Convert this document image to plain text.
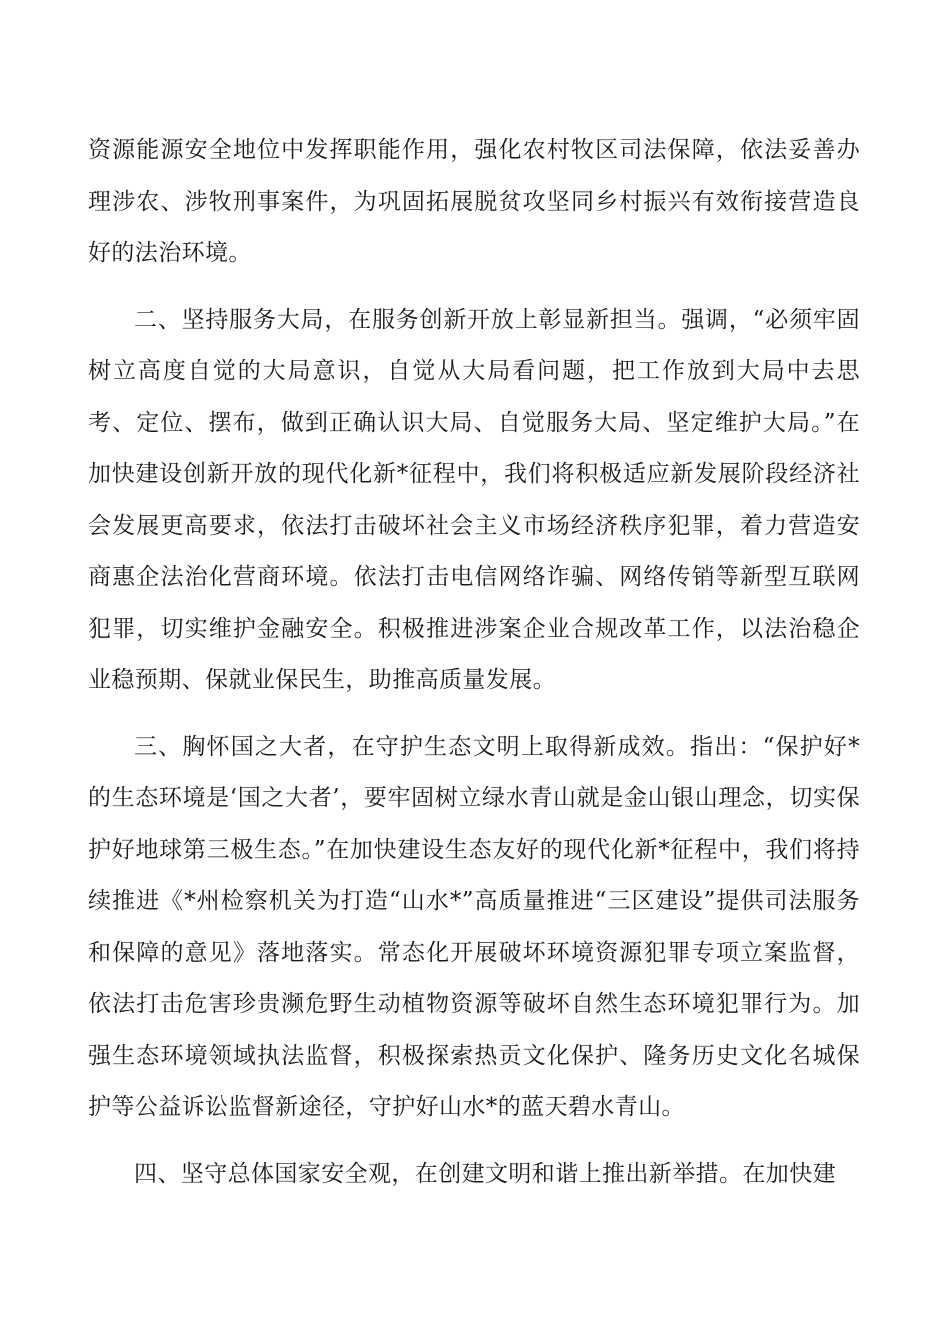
资源能源安全地位中发挥职能作用，强化农村牧区司法保障，依法妥善办理涉农、涉牧刑事案件，为巩固拓展脱贫攻坚同乡村振兴有效衔接营造良好的法治环境。

二、坚持服务大局，在服务创新开放上彰显新担当。强调，“必须牢固树立高度自觉的大局意识，自觉从大局看问题，把工作放到大局中去思考、定位、摆布，做到正确认识大局、自觉服务大局、坚定维护大局。”在加快建设创新开放的现代化新*征程中，我们将积极适应新发展阶段经济社会发展更高要求，依法打击破坏社会主义市场经济秩序犯罪，着力营造安商惠企法治化营商环境。依法打击电信网络诈骗、网络传销等新型互联网犯罪，切实维护金融安全。积极推进涉案企业合规改革工作，以法治稳企业稳预期、保就业保民生，助推高质量发展。

三、胸怀国之大者，在守护生态文明上取得新成效。指出：“保护好*的生态环境是‘国之大者’，要牢固树立绿水青山就是金山银山理念，切实保护好地球第三极生态。”在加快建设生态友好的现代化新*征程中，我们将持续推进《*州检察机关为打造“山水*”高质量推进“三区建设”提供司法服务和保障的意见》落地落实。常态化开展破坏环境资源犯罪专项立案监督，依法打击危害珍贵濒危野生动植物资源等破坏自然生态环境犯罪行为。加强生态环境领域执法监督，积极探索热贡文化保护、隆务历史文化名城保护等公益诉讼监督新途径，守护好山水*的蓝天碧水青山。

四、坚守总体国家安全观，在创建文明和谐上推出新举措。在加快建
